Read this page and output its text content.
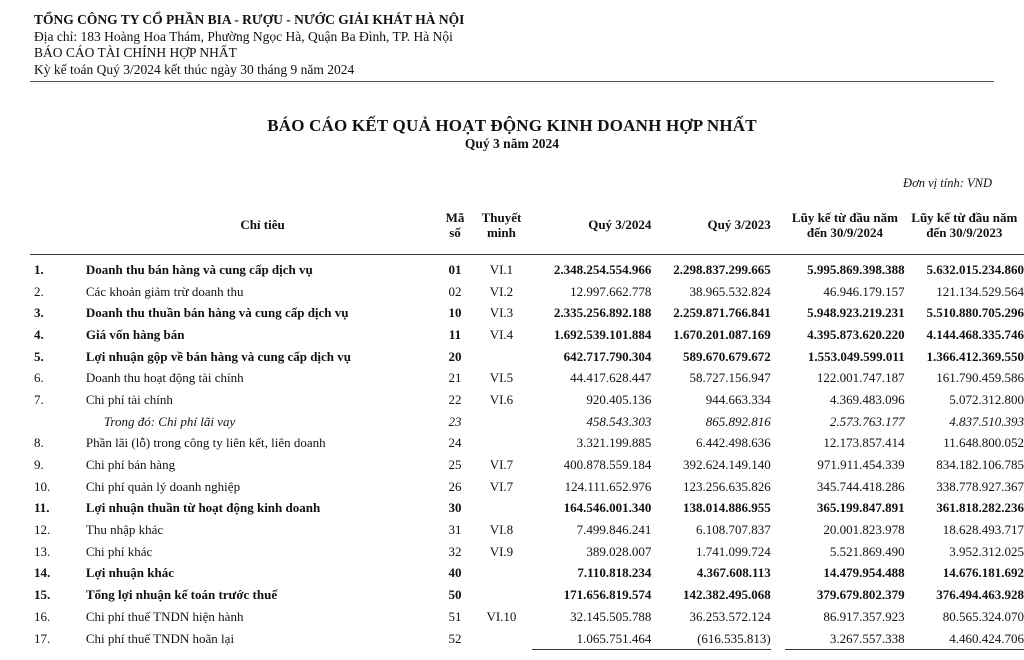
TỔNG CÔNG TY CỔ PHẦN BIA - RƯỢU - NƯỚC GIẢI KHÁT HÀ NỘI
Địa chỉ: 183 Hoàng Hoa Thám, Phường Ngọc Hà, Quận Ba Đình, TP. Hà Nội
BÁO CÁO TÀI CHÍNH HỢP NHẤT
Kỳ kế toán Quý 3/2024 kết thúc ngày 30 tháng 9 năm 2024
BÁO CÁO KẾT QUẢ HOẠT ĐỘNG KINH DOANH HỢP NHẤT
Quý 3 năm 2024
Đơn vị tính: VND
	Chỉ tiêu	Mã số	Thuyết minh	Quý 3/2024	Quý 3/2023		Lũy kế từ đầu năm đến 30/9/2024	Lũy kế từ đầu năm đến 30/9/2023

1.	Doanh thu bán hàng và cung cấp dịch vụ	01	VI.1	2.348.254.554.966	2.298.837.299.665		5.995.869.398.388	5.632.015.234.860
2.	Các khoản giảm trừ doanh thu	02	VI.2	12.997.662.778	38.965.532.824		46.946.179.157	121.134.529.564
3.	Doanh thu thuần bán hàng và cung cấp dịch vụ	10	VI.3	2.335.256.892.188	2.259.871.766.841		5.948.923.219.231	5.510.880.705.296
4.	Giá vốn hàng bán	11	VI.4	1.692.539.101.884	1.670.201.087.169		4.395.873.620.220	4.144.468.335.746
5.	Lợi nhuận gộp về bán hàng và cung cấp dịch vụ	20		642.717.790.304	589.670.679.672		1.553.049.599.011	1.366.412.369.550
6.	Doanh thu hoạt động tài chính	21	VI.5	44.417.628.447	58.727.156.947		122.001.747.187	161.790.459.586
7.	Chi phí tài chính	22	VI.6	920.405.136	944.663.334		4.369.483.096	5.072.312.800
	Trong đó: Chi phí lãi vay	23		458.543.303	865.892.816		2.573.763.177	4.837.510.393
8.	Phần lãi (lỗ) trong công ty liên kết, liên doanh	24		3.321.199.885	6.442.498.636		12.173.857.414	11.648.800.052
9.	Chi phí bán hàng	25	VI.7	400.878.559.184	392.624.149.140		971.911.454.339	834.182.106.785
10.	Chi phí quản lý doanh nghiệp	26	VI.7	124.111.652.976	123.256.635.826		345.744.418.286	338.778.927.367
11.	Lợi nhuận thuần từ hoạt động kinh doanh	30		164.546.001.340	138.014.886.955		365.199.847.891	361.818.282.236
12.	Thu nhập khác	31	VI.8	7.499.846.241	6.108.707.837		20.001.823.978	18.628.493.717
13.	Chi phí khác	32	VI.9	389.028.007	1.741.099.724		5.521.869.490	3.952.312.025
14.	Lợi nhuận khác	40		7.110.818.234	4.367.608.113		14.479.954.488	14.676.181.692
15.	Tổng lợi nhuận kế toán trước thuế	50		171.656.819.574	142.382.495.068		379.679.802.379	376.494.463.928
16.	Chi phí thuế TNDN hiện hành	51	VI.10	32.145.505.788	36.253.572.124		86.917.357.923	80.565.324.070
17.	Chi phí thuế TNDN hoãn lại	52		1.065.751.464	(616.535.813)		3.267.557.338	4.460.424.706
